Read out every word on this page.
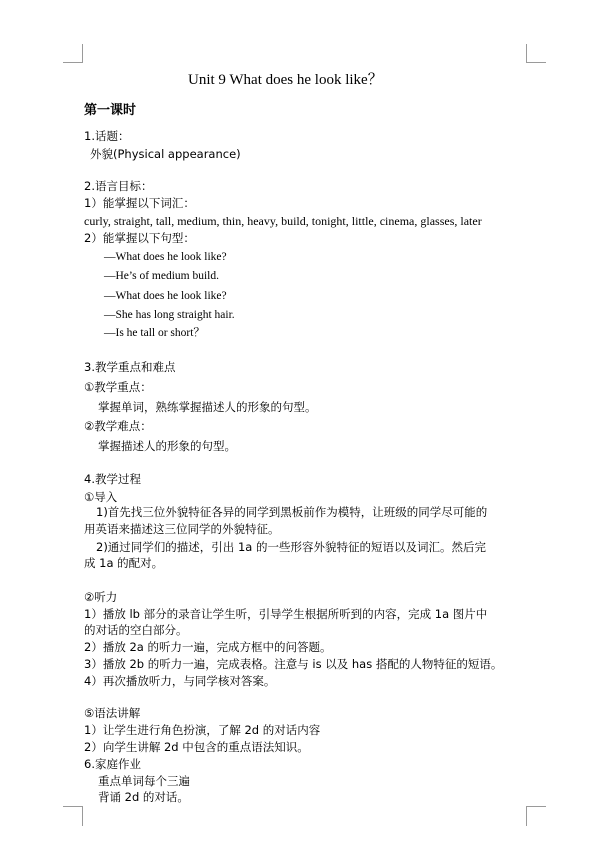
Unit 9 What does he look like？
第一课时
1.话题：
外貌(Physical appearance)
2.语言目标：
1）能掌握以下词汇：
curly, straight, tall, medium, thin, heavy, build, tonight, little, cinema, glasses, later
2）能掌握以下句型：
—What does he look like?
—He’s of medium build.
—What does he look like?
—She has long straight hair.
—Is he tall or short？
3.教学重点和难点
①教学重点：
掌握单词，熟练掌握描述人的形象的句型。
②教学难点：
掌握描述人的形象的句型。
4.教学过程
①导入
1)首先找三位外貌特征各异的同学到黑板前作为模特，让班级的同学尽可能的
用英语来描述这三位同学的外貌特征。
2)通过同学们的描述，引出 1a 的一些形容外貌特征的短语以及词汇。然后完
成 1a 的配对。
②听力
1）播放 lb 部分的录音让学生听，引导学生根据所听到的内容，完成 1a 图片中
的对话的空白部分。
2）播放 2a 的听力一遍，完成方框中的问答题。
3）播放 2b 的听力一遍，完成表格。注意与 is 以及 has 搭配的人物特征的短语。
4）再次播放听力，与同学核对答案。
⑤语法讲解
1）让学生进行角色扮演，了解 2d 的对话内容
2）向学生讲解 2d 中包含的重点语法知识。
6.家庭作业
重点单词每个三遍
背诵 2d 的对话。
